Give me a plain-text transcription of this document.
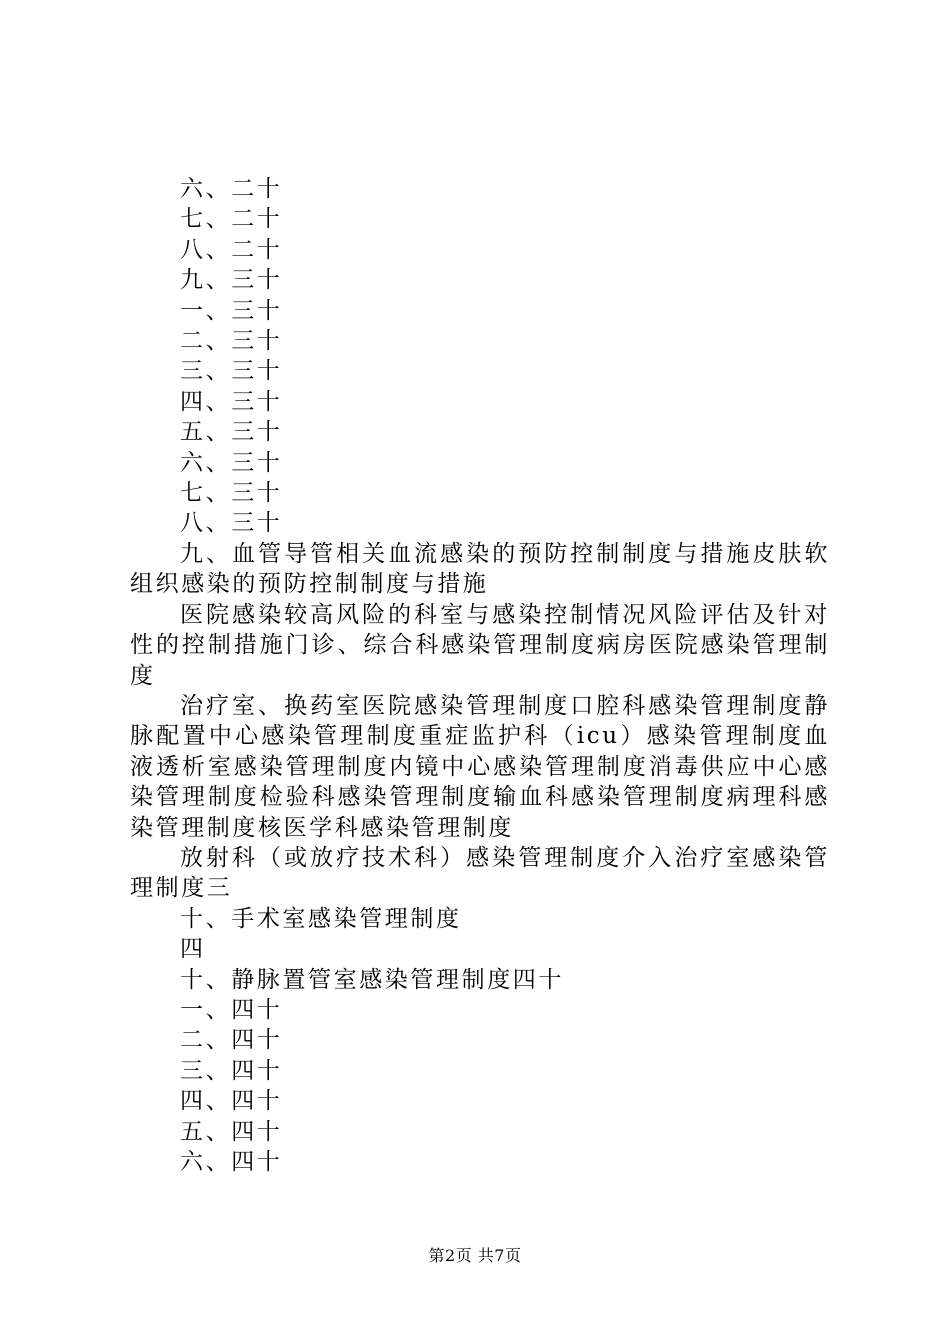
六、二十

七、二十

八、二十

九、三十

一、三十

二、三十

三、三十

四、三十

五、三十

六、三十

七、三十

八、三十

九、血管导管相关血流感染的预防控制制度与措施皮肤软组织感染的预防控制制度与措施

医院感染较高风险的科室与感染控制情况风险评估及针对性的控制措施门诊、综合科感染管理制度病房医院感染管理制度

治疗室、换药室医院感染管理制度口腔科感染管理制度静脉配置中心感染管理制度重症监护科（icu）感染管理制度血液透析室感染管理制度内镜中心感染管理制度消毒供应中心感染管理制度检验科感染管理制度输血科感染管理制度病理科感染管理制度核医学科感染管理制度

放射科（或放疗技术科）感染管理制度介入治疗室感染管理制度三

十、手术室感染管理制度

四

十、静脉置管室感染管理制度四十

一、四十

二、四十

三、四十

四、四十

五、四十

六、四十

第2页 共7页
